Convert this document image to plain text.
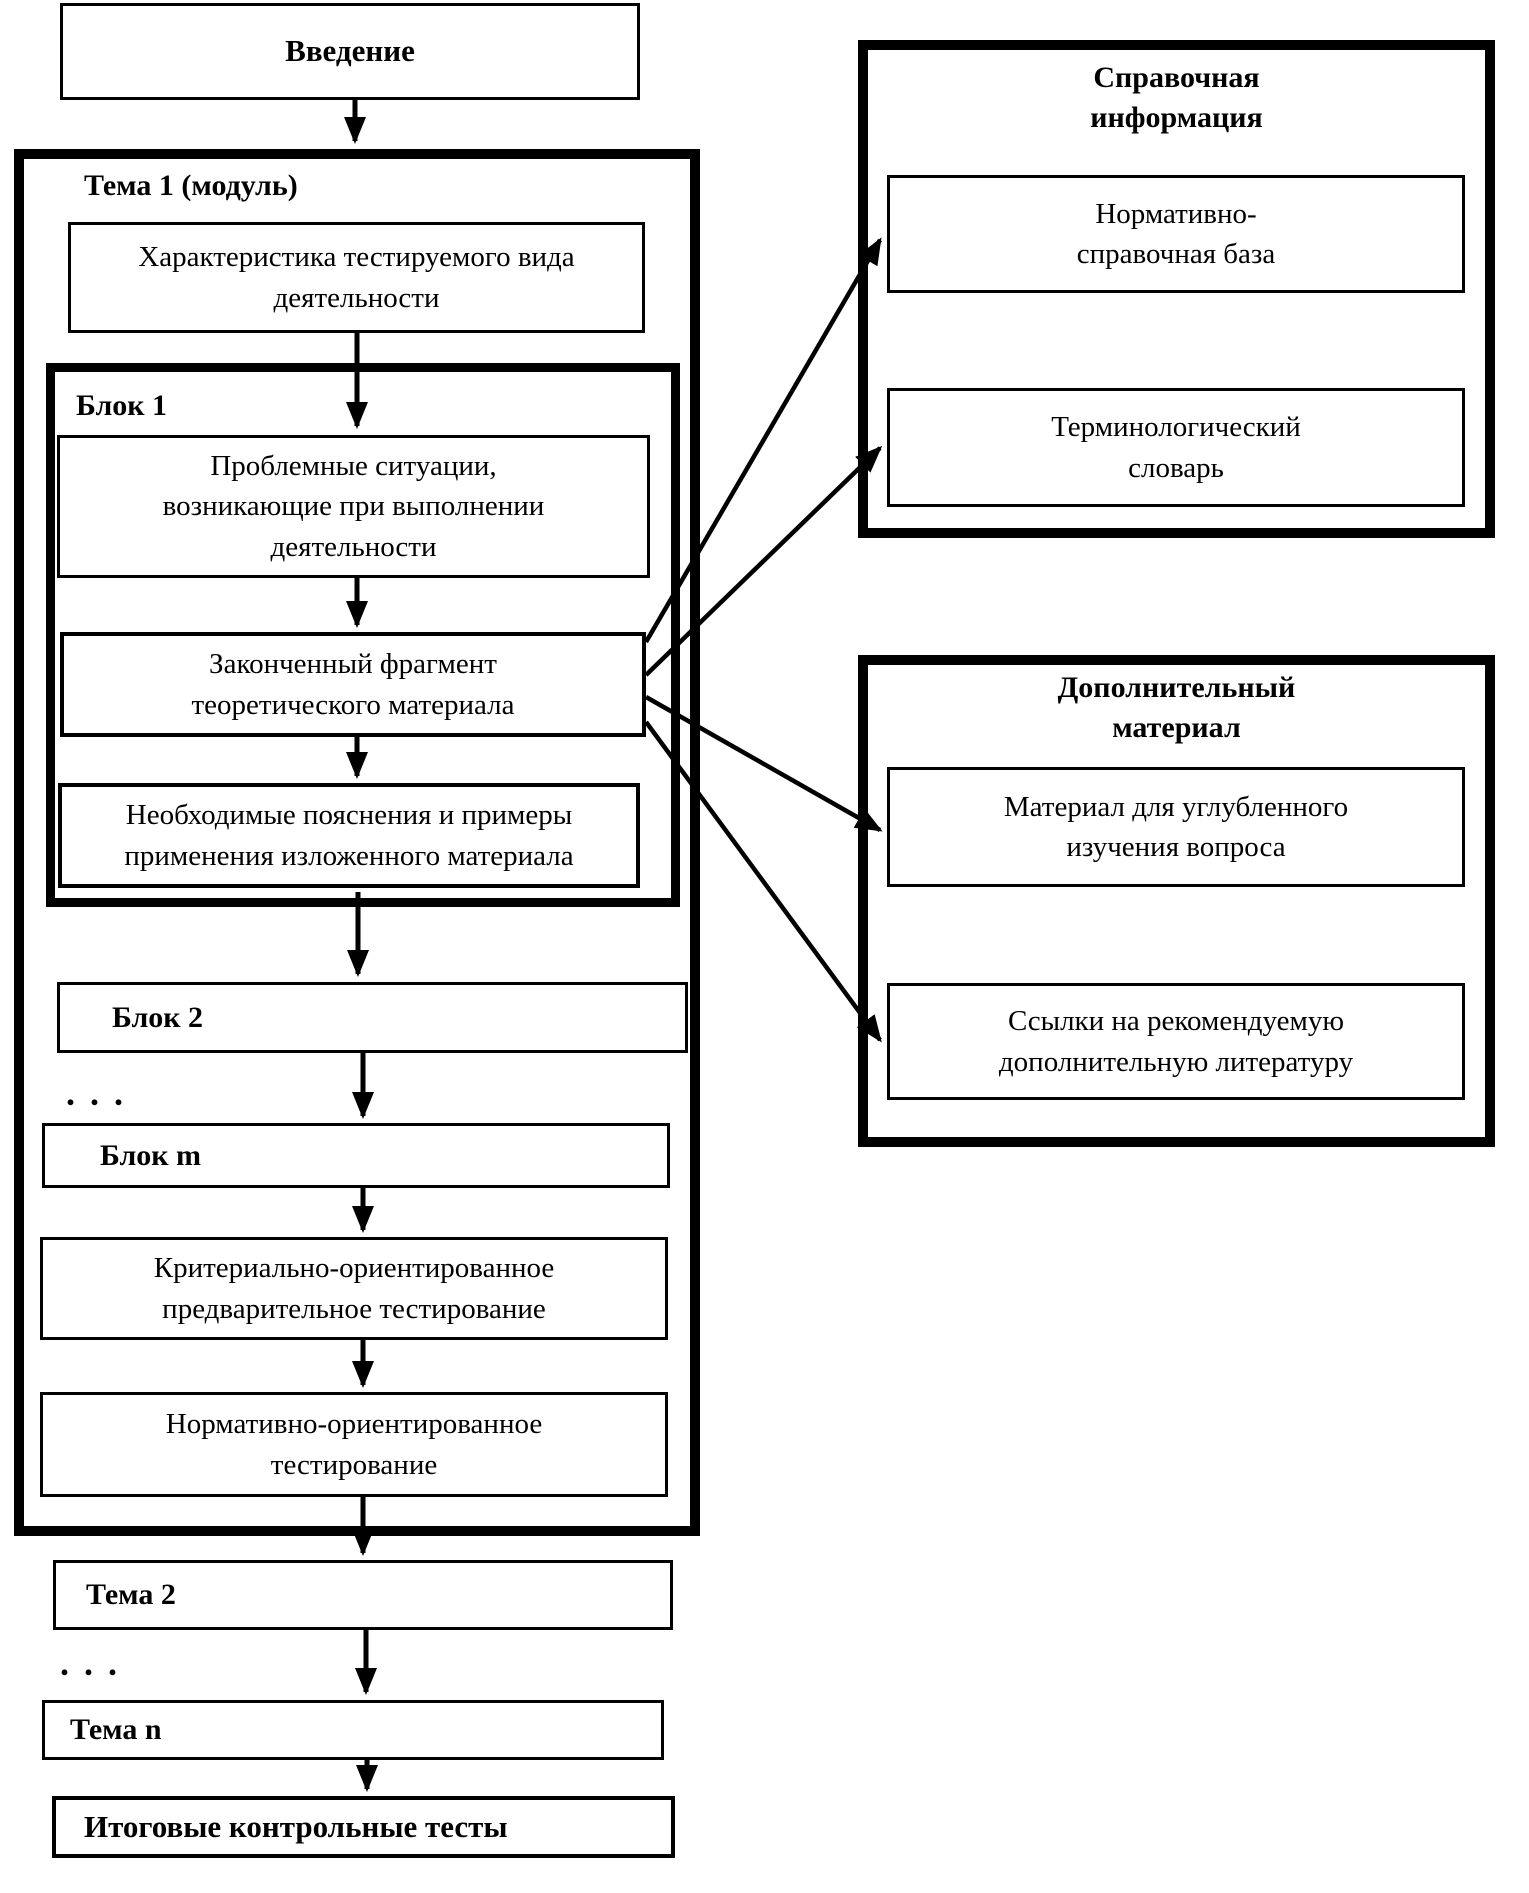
Тема 1 (модуль)
Блок 1
Справочная
информация
Дополнительный
материал
Введение
Характеристика тестируемого вида
деятельности
Проблемные ситуации,
возникающие при выполнении
деятельности
Законченный фрагмент
теоретического материала
Необходимые пояснения и примеры
применения изложенного материала
Блок 2
. . .
Блок m
Критериально-ориентированное
предварительное тестирование
Нормативно-ориентированное
тестирование
Тема 2
. . .
Тема n
Итоговые контрольные тесты
Нормативно-
справочная база
Терминологический
словарь
Материал для углубленного
изучения вопроса
Ссылки на рекомендуемую
дополнительную литературу
